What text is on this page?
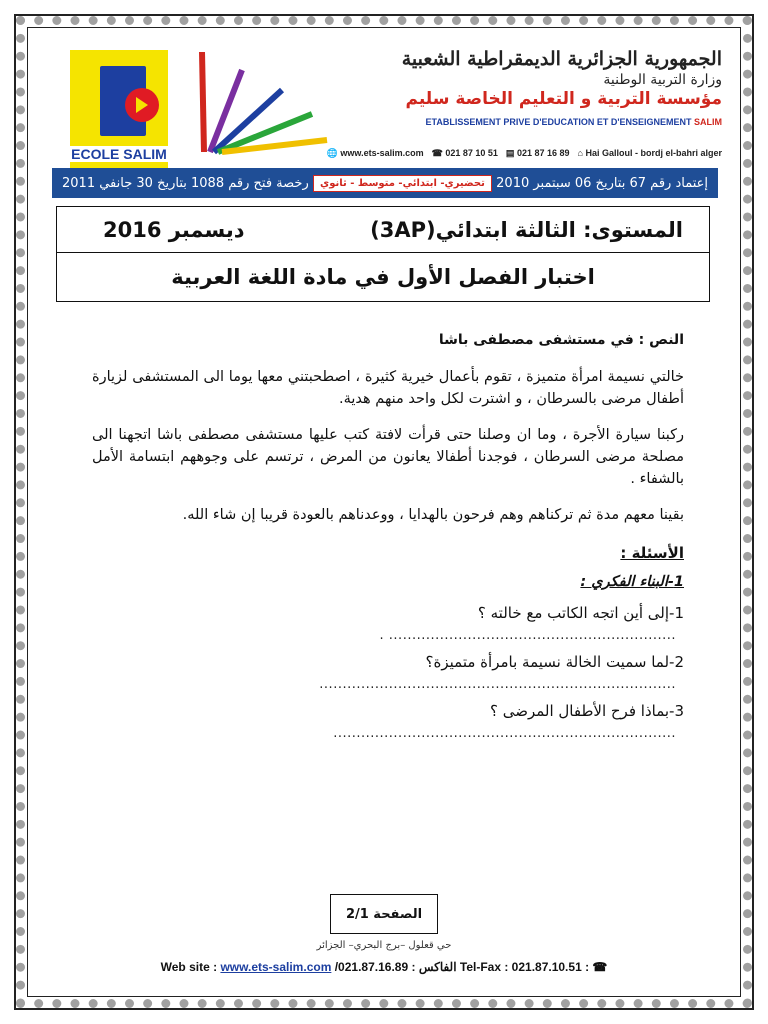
ECOLE SALIM
الجمهورية الجزائرية الديمقراطية الشعبية
وزارة التربية الوطنية
مؤسسة التربية و التعليم الخاصة سليم
ETABLISSEMENT PRIVE D'EDUCATION ET D'ENSEIGNEMENT SALIM
🌐 www.ets-salim.com ☎ 021 87 10 51 ▤ 021 87 16 89 ⌂ Hai Galloul - bordj el-bahri alger
إعتماد رقم 67 بتاريخ 06 سبتمبر 2010
تحضيري- ابتدائي- متوسط - ثانوي
رخصة فتح رقم 1088 بتاريخ 30 جانفي 2011
المستوى: الثالثة ابتدائي(3AP)
ديسمبر 2016
اختبار الفصل الأول في مادة اللغة العربية
النص : في مستشفى مصطفى باشا

خالتي نسيمة امرأة متميزة ، تقوم بأعمال خيرية كثيرة ، اصطحبتني معها يوما الى المستشفى لزيارة أطفال مرضى بالسرطان ، و اشترت لكل واحد منهم هدية.

ركبنا سيارة الأجرة ، وما ان وصلنا حتى قرأت لافتة كتب عليها مستشفى مصطفى باشا اتجهنا الى مصلحة مرضى السرطان ، فوجدنا أطفالا يعانون من المرض ، ترتسم على وجوههم ابتسامة الأمل بالشفاء .

بقينا معهم مدة ثم تركناهم وهم فرحون بالهدايا ، ووعدناهم بالعودة قريبا إن شاء الله.

الأسئلة :
1-البناء الفكري :
1-إلى أين اتجه الكاتب مع خالته ؟
. ..............................................................
2-لما سميت الخالة نسيمة بامرأة متميزة؟
.............................................................................
3-بماذا فرح الأطفال المرضى ؟
..........................................................................
الصفحة 2/1
حي قعلول –برج البحري– الجزائر
Web site : www.ets-salim.com /021.87.16.89 : الفاكس Tel-Fax : 021.87.10.51 : ☎
